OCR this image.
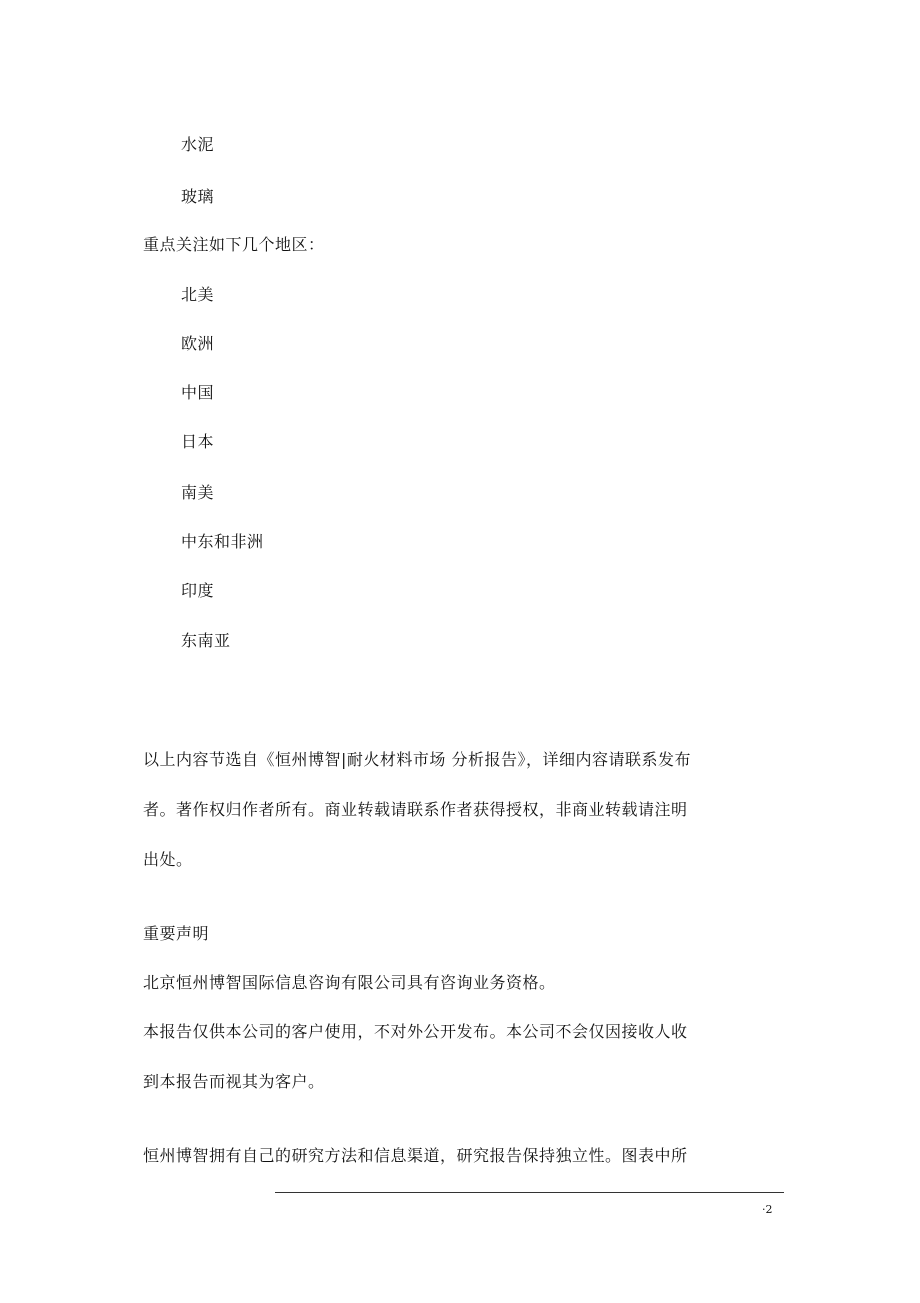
水泥
玻璃
重点关注如下几个地区：
北美
欧洲
中国
日本
南美
中东和非洲
印度
东南亚
以上内容节选自《恒州博智|耐火材料市场 分析报告》，详细内容请联系发布
者。著作权归作者所有。商业转载请联系作者获得授权，非商业转载请注明
出处。
重要声明
北京恒州博智国际信息咨询有限公司具有咨询业务资格。
本报告仅供本公司的客户使用，不对外公开发布。本公司不会仅因接收人收
到本报告而视其为客户。
恒州博智拥有自己的研究方法和信息渠道，研究报告保持独立性。图表中所
·2
